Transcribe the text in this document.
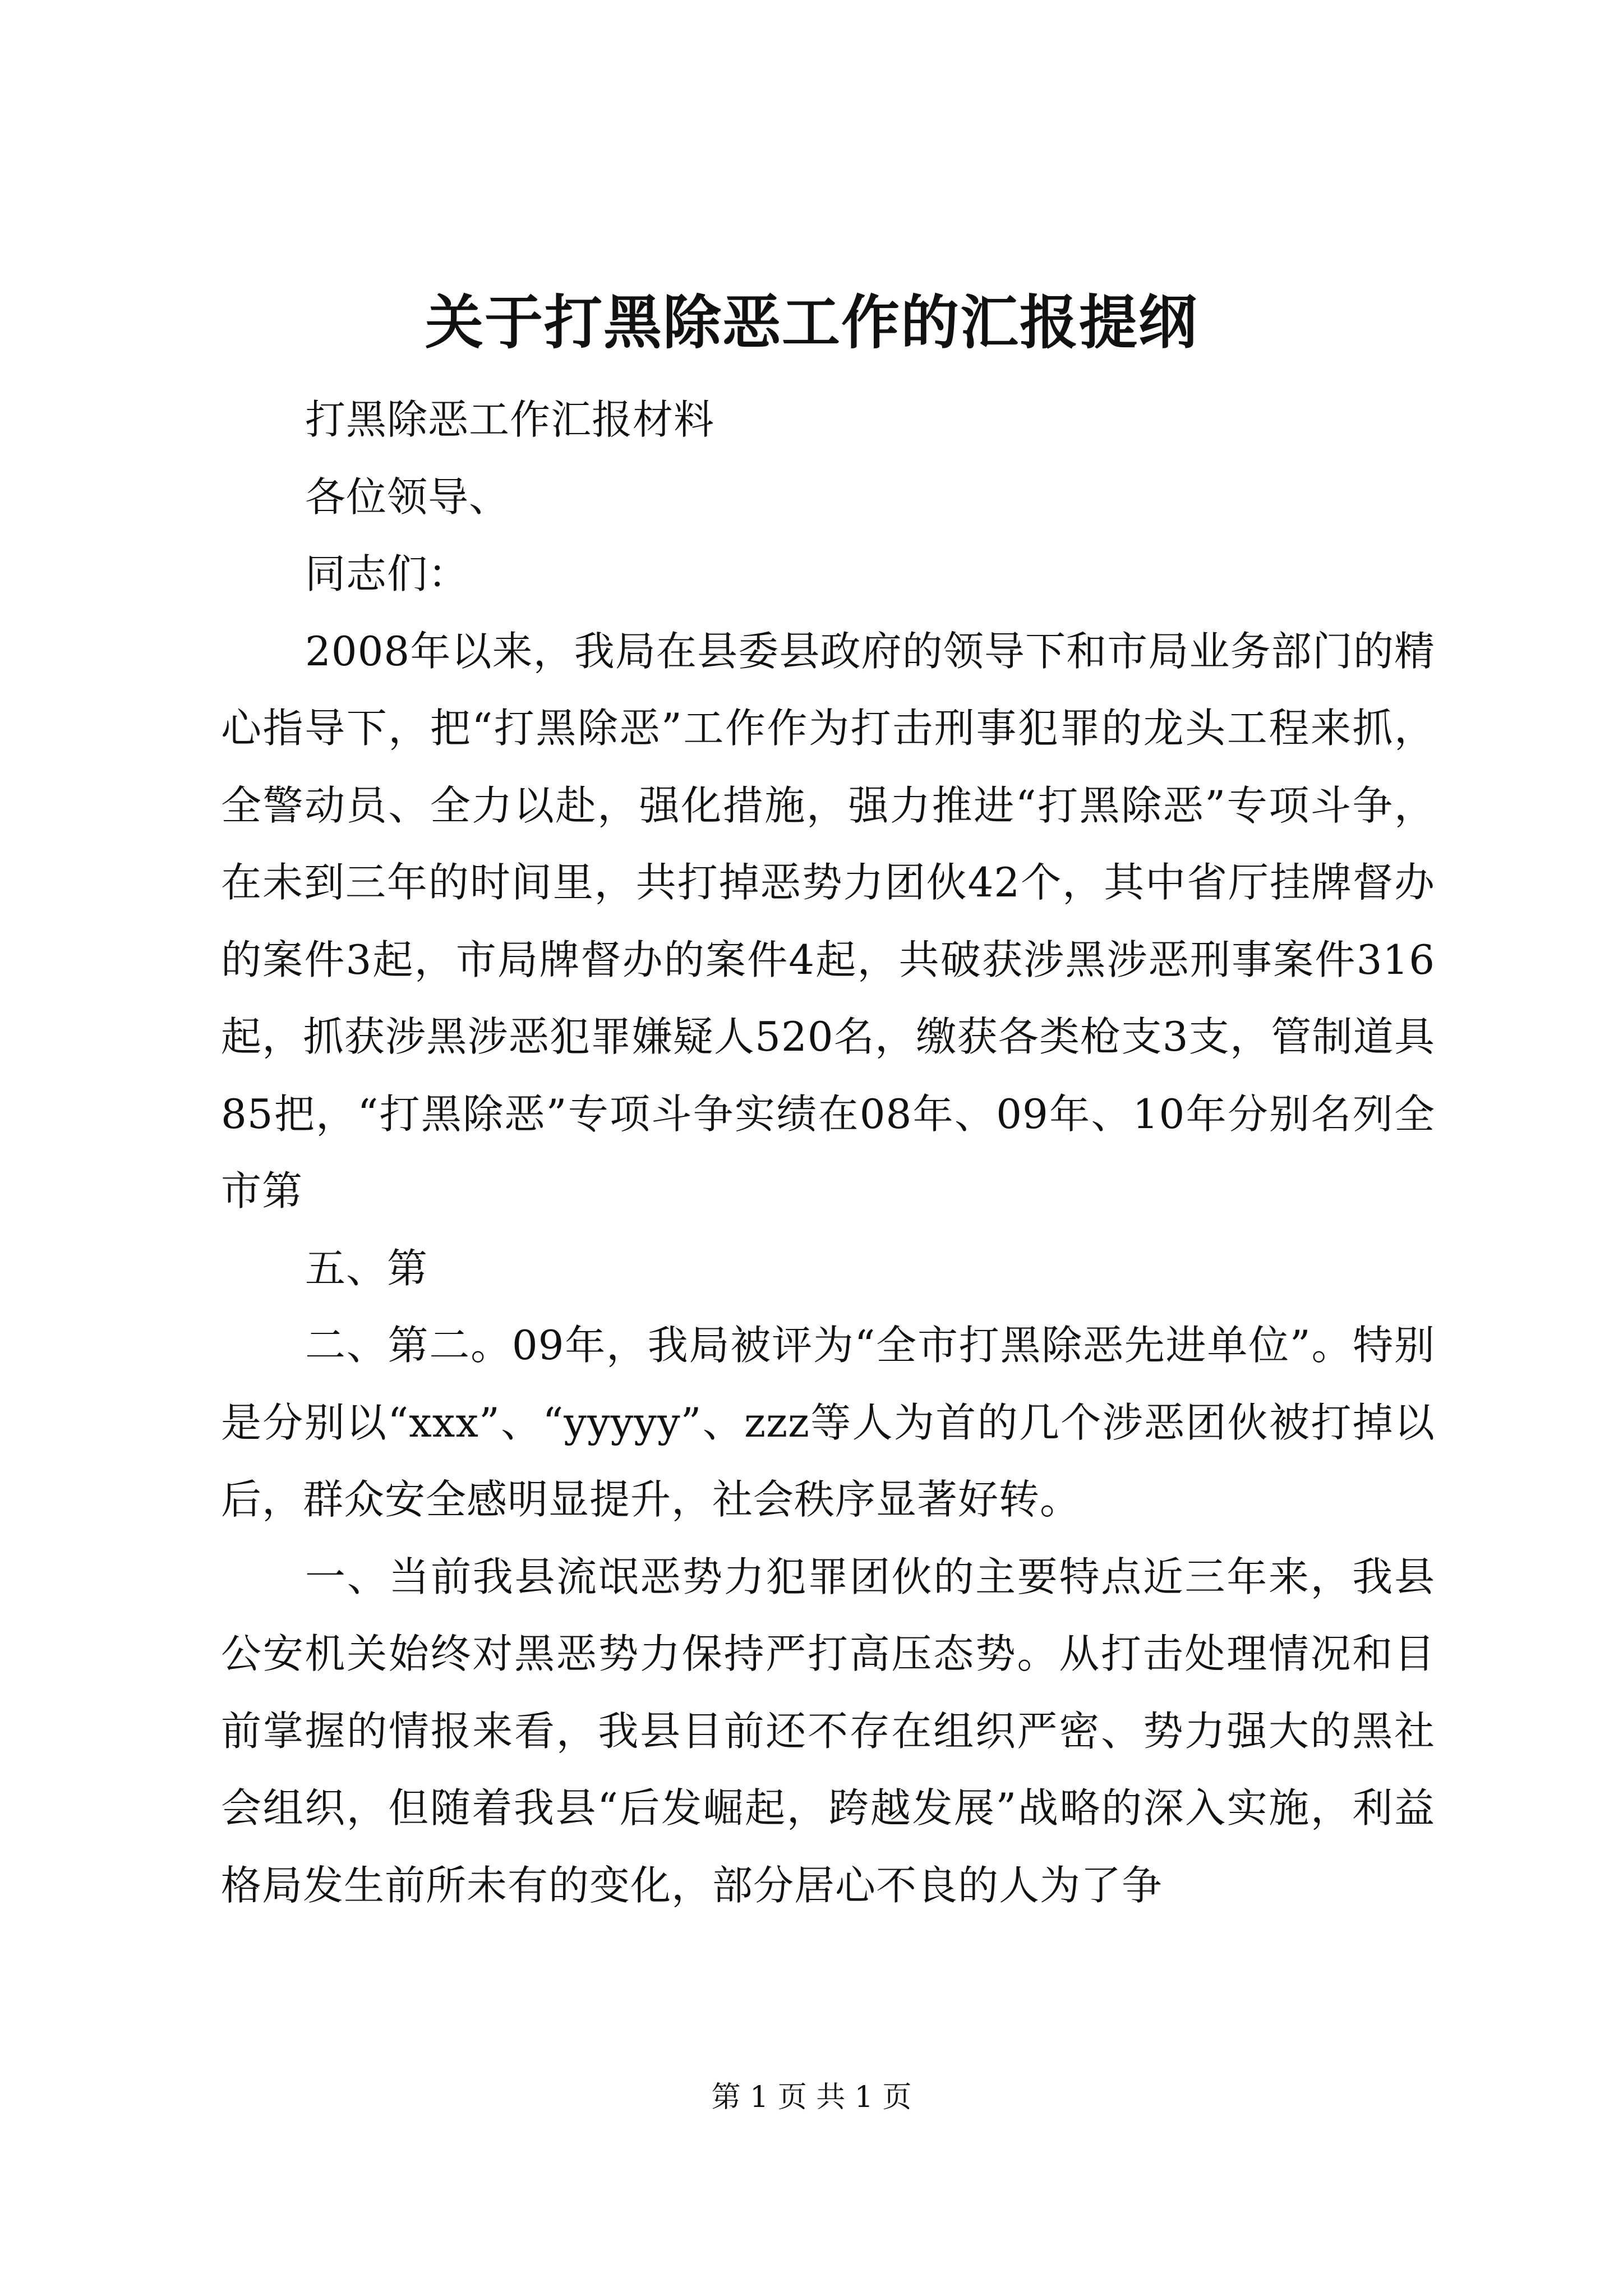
关于打黑除恶工作的汇报提纲

打黑除恶工作汇报材料

各位领导、

同志们：

2008年以来，我局在县委县政府的领导下和市局业务部门的精心指导下，把“打黑除恶”工作作为打击刑事犯罪的龙头工程来抓，全警动员、全力以赴，强化措施，强力推进“打黑除恶”专项斗争，在未到三年的时间里，共打掉恶势力团伙42个，其中省厅挂牌督办的案件3起，市局牌督办的案件4起，共破获涉黑涉恶刑事案件316起，抓获涉黑涉恶犯罪嫌疑人520名，缴获各类枪支3支，管制道具85把，“打黑除恶”专项斗争实绩在08年、09年、10年分别名列全市第

五、第

二、第二。09年，我局被评为“全市打黑除恶先进单位”。特别是分别以“xxx”、“yyyyy”、zzz等人为首的几个涉恶团伙被打掉以后，群众安全感明显提升，社会秩序显著好转。

一、当前我县流氓恶势力犯罪团伙的主要特点近三年来，我县公安机关始终对黑恶势力保持严打高压态势。从打击处理情况和目前掌握的情报来看，我县目前还不存在组织严密、势力强大的黑社会组织，但随着我县“后发崛起，跨越发展”战略的深入实施，利益格局发生前所未有的变化，部分居心不良的人为了争

第 1 页 共 1 页
